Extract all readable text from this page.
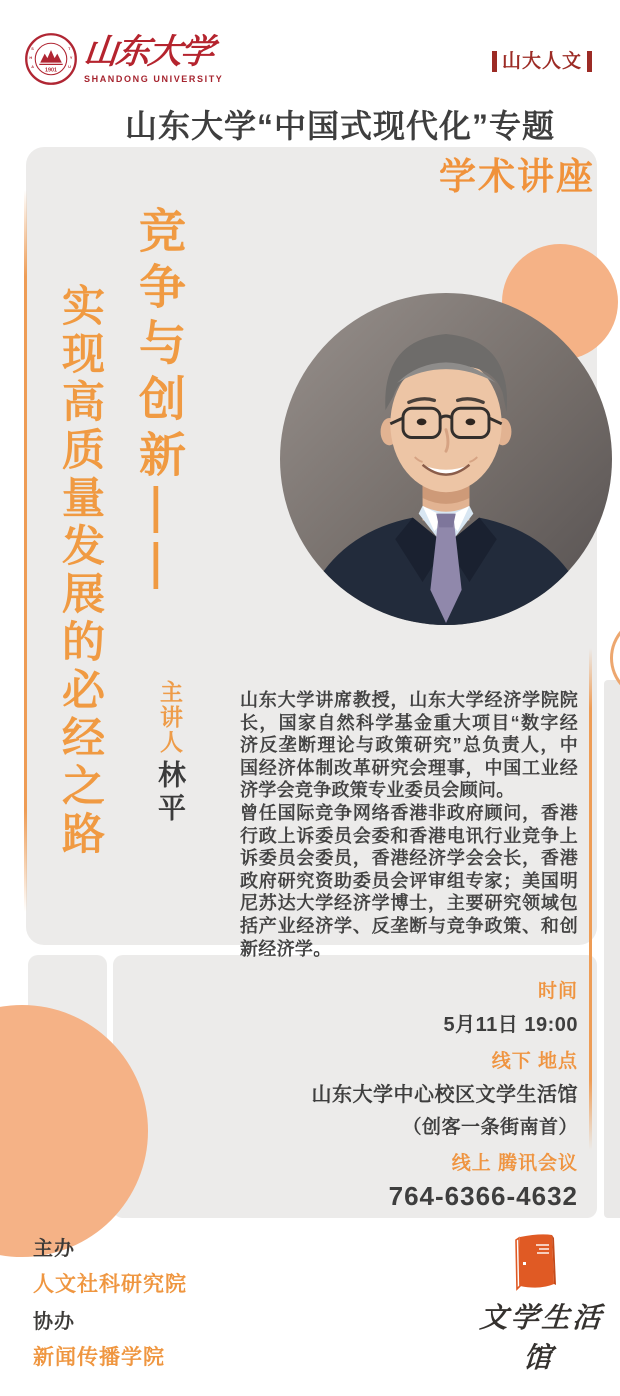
1901
S
H
A
T
Y
U 山东大学
SHANDONG UNIVERSITY
山大人文
山东大学“中国式现代化”专题
学术讲座
竞争与创新——
实现高质量发展的必经之路	主讲人
林平

山东大学讲席教授，山东大学经济学院院长，国家自然科学基金重大项目“数字经济反垄断理论与政策研究”总负责人，中国经济体制改革研究会理事，中国工业经济学会竞争政策专业委员会顾问。

曾任国际竞争网络香港非政府顾问，香港行政上诉委员会委和香港电讯行业竞争上诉委员会委员，香港经济学会会长，香港政府研究资助委员会评审组专家；美国明尼苏达大学经济学博士，主要研究领域包括产业经济学、反垄断与竞争政策、和创新经济学。

时间
5月11日 19:00
线下 地点
山东大学中心校区文学生活馆
（创客一条街南首）
线上 腾讯会议
764-6366-4632
主办
人文社科研究院
协办
新闻传播学院
文学生活馆
